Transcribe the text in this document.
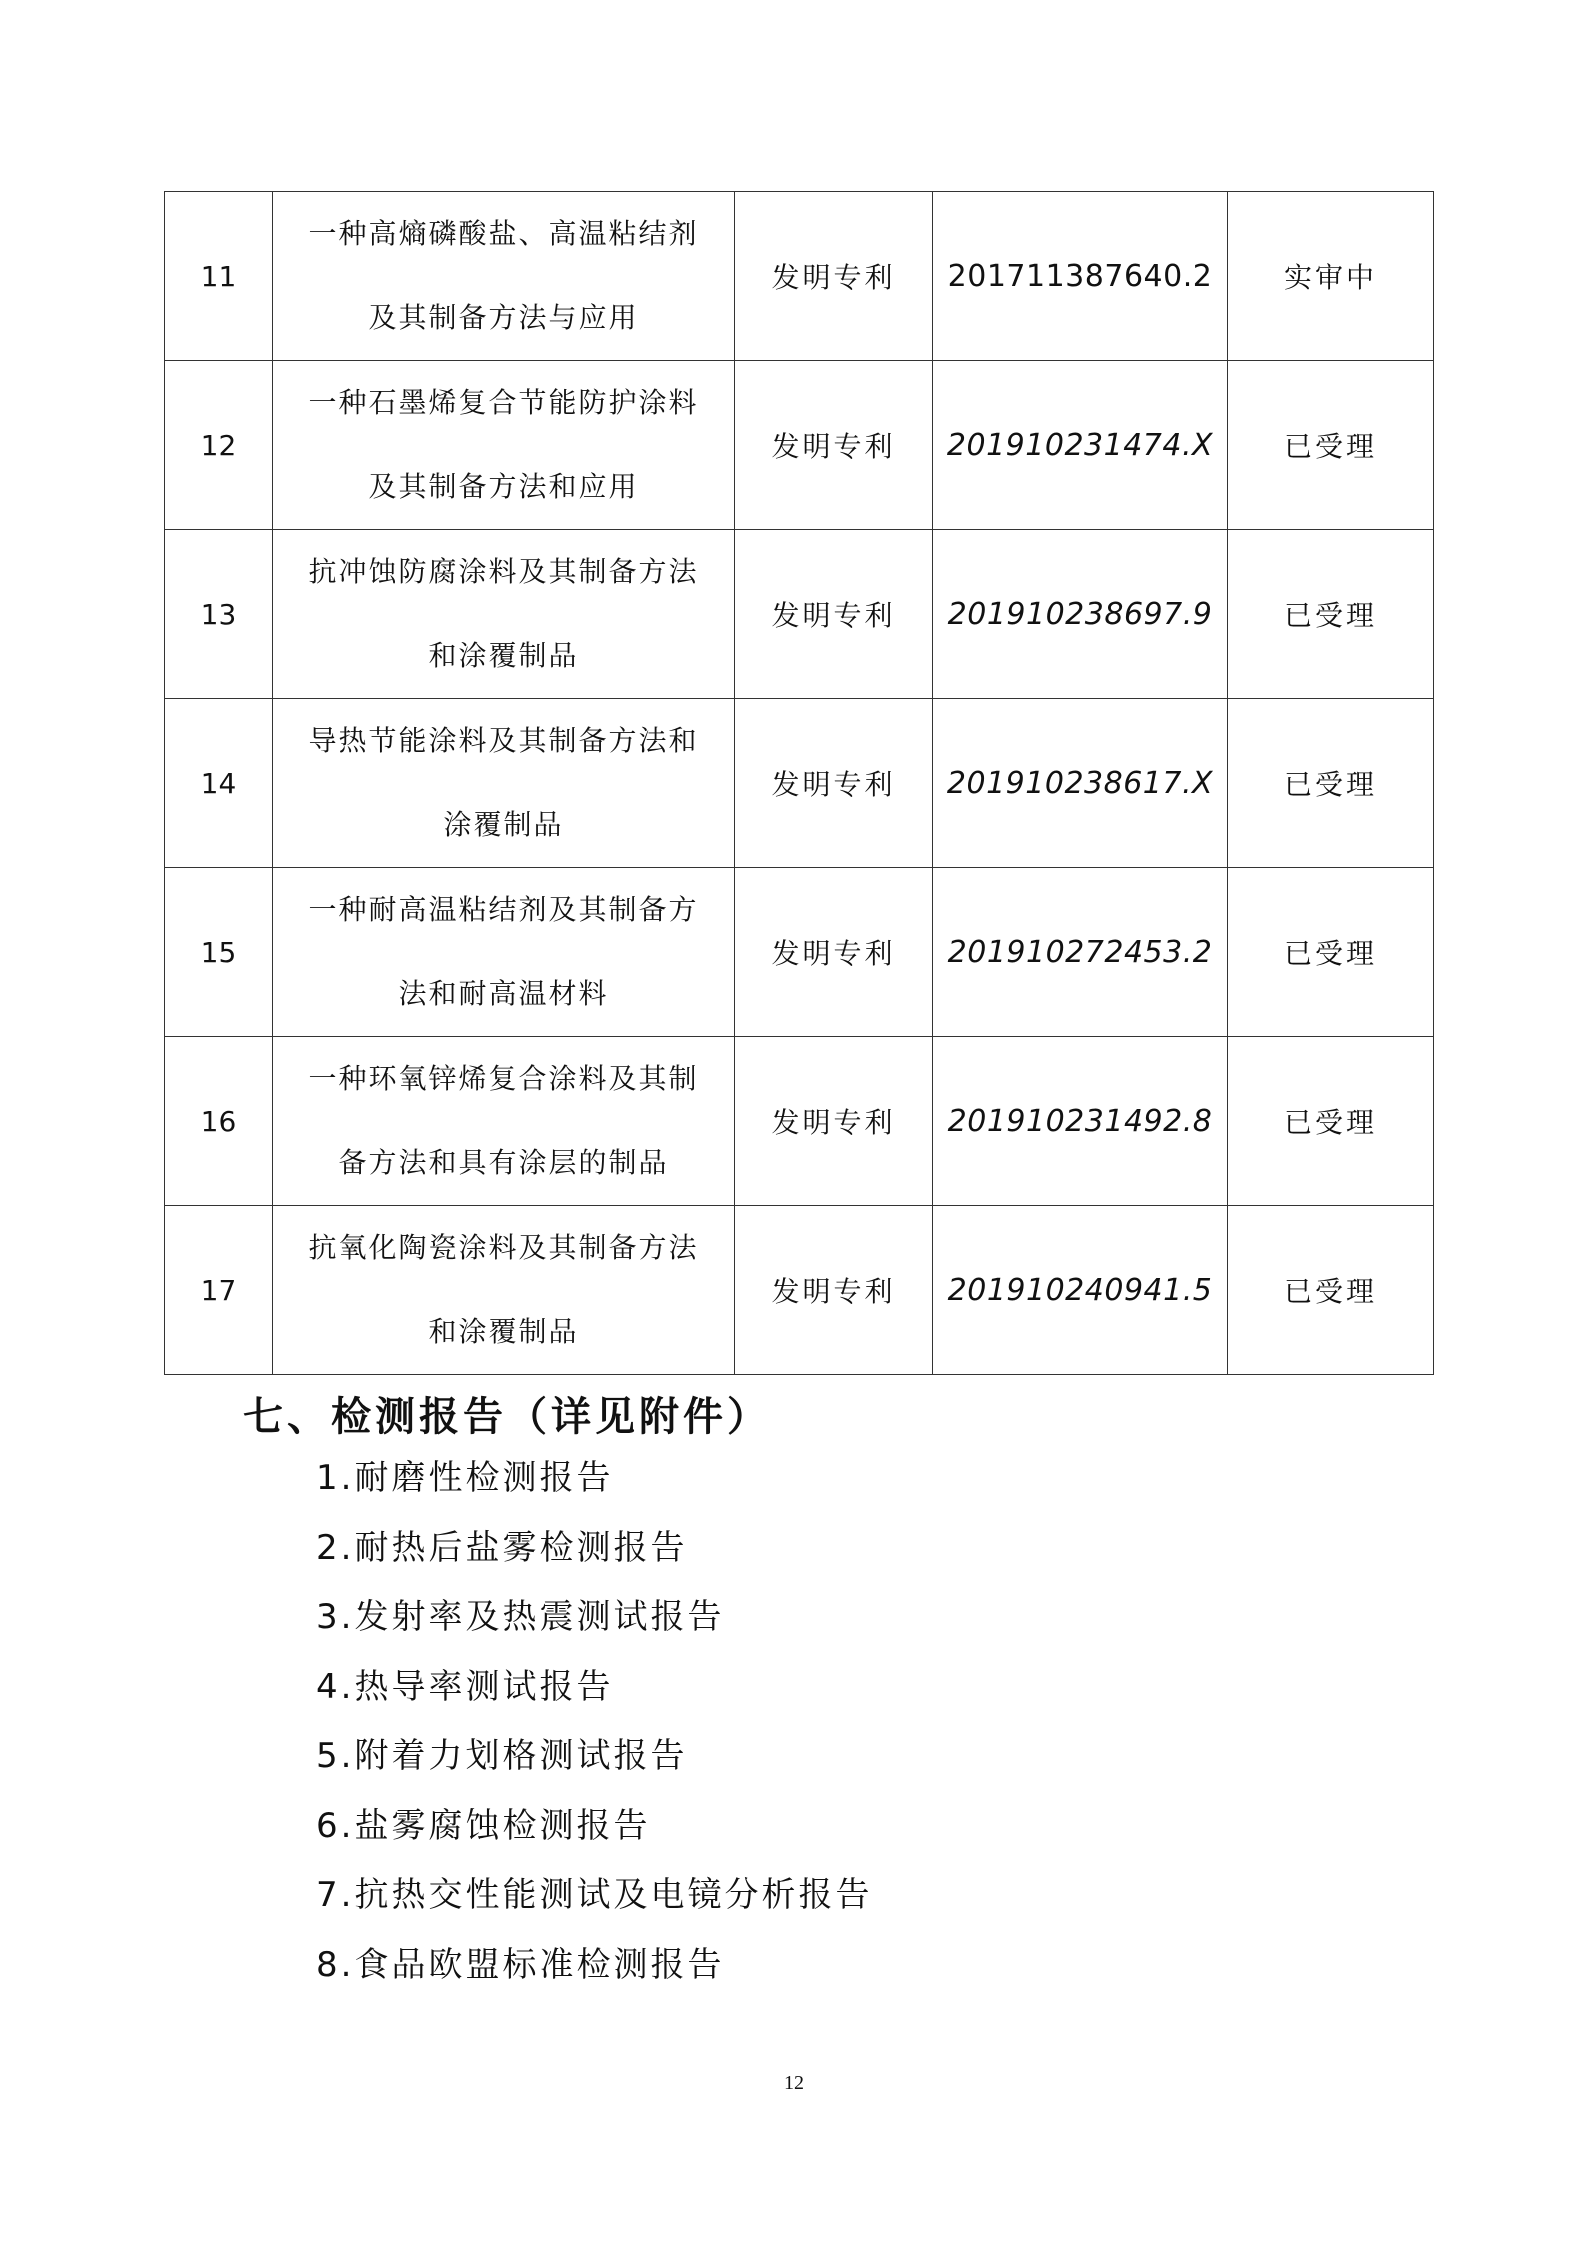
11	一种高熵磷酸盐、高温粘结剂
及其制备方法与应用	发明专利	201711387640.2	实审中
12	一种石墨烯复合节能防护涂料
及其制备方法和应用	发明专利	201910231474.X	已受理
13	抗冲蚀防腐涂料及其制备方法
和涂覆制品	发明专利	201910238697.9	已受理
14	导热节能涂料及其制备方法和
涂覆制品	发明专利	201910238617.X	已受理
15	一种耐高温粘结剂及其制备方
法和耐高温材料	发明专利	201910272453.2	已受理
16	一种环氧锌烯复合涂料及其制
备方法和具有涂层的制品	发明专利	201910231492.8	已受理
17	抗氧化陶瓷涂料及其制备方法
和涂覆制品	发明专利	201910240941.5	已受理
七、检测报告（详见附件）
1.耐磨性检测报告
2.耐热后盐雾检测报告
3.发射率及热震测试报告
4.热导率测试报告
5.附着力划格测试报告
6.盐雾腐蚀检测报告
7.抗热交性能测试及电镜分析报告
8.食品欧盟标准检测报告

12
